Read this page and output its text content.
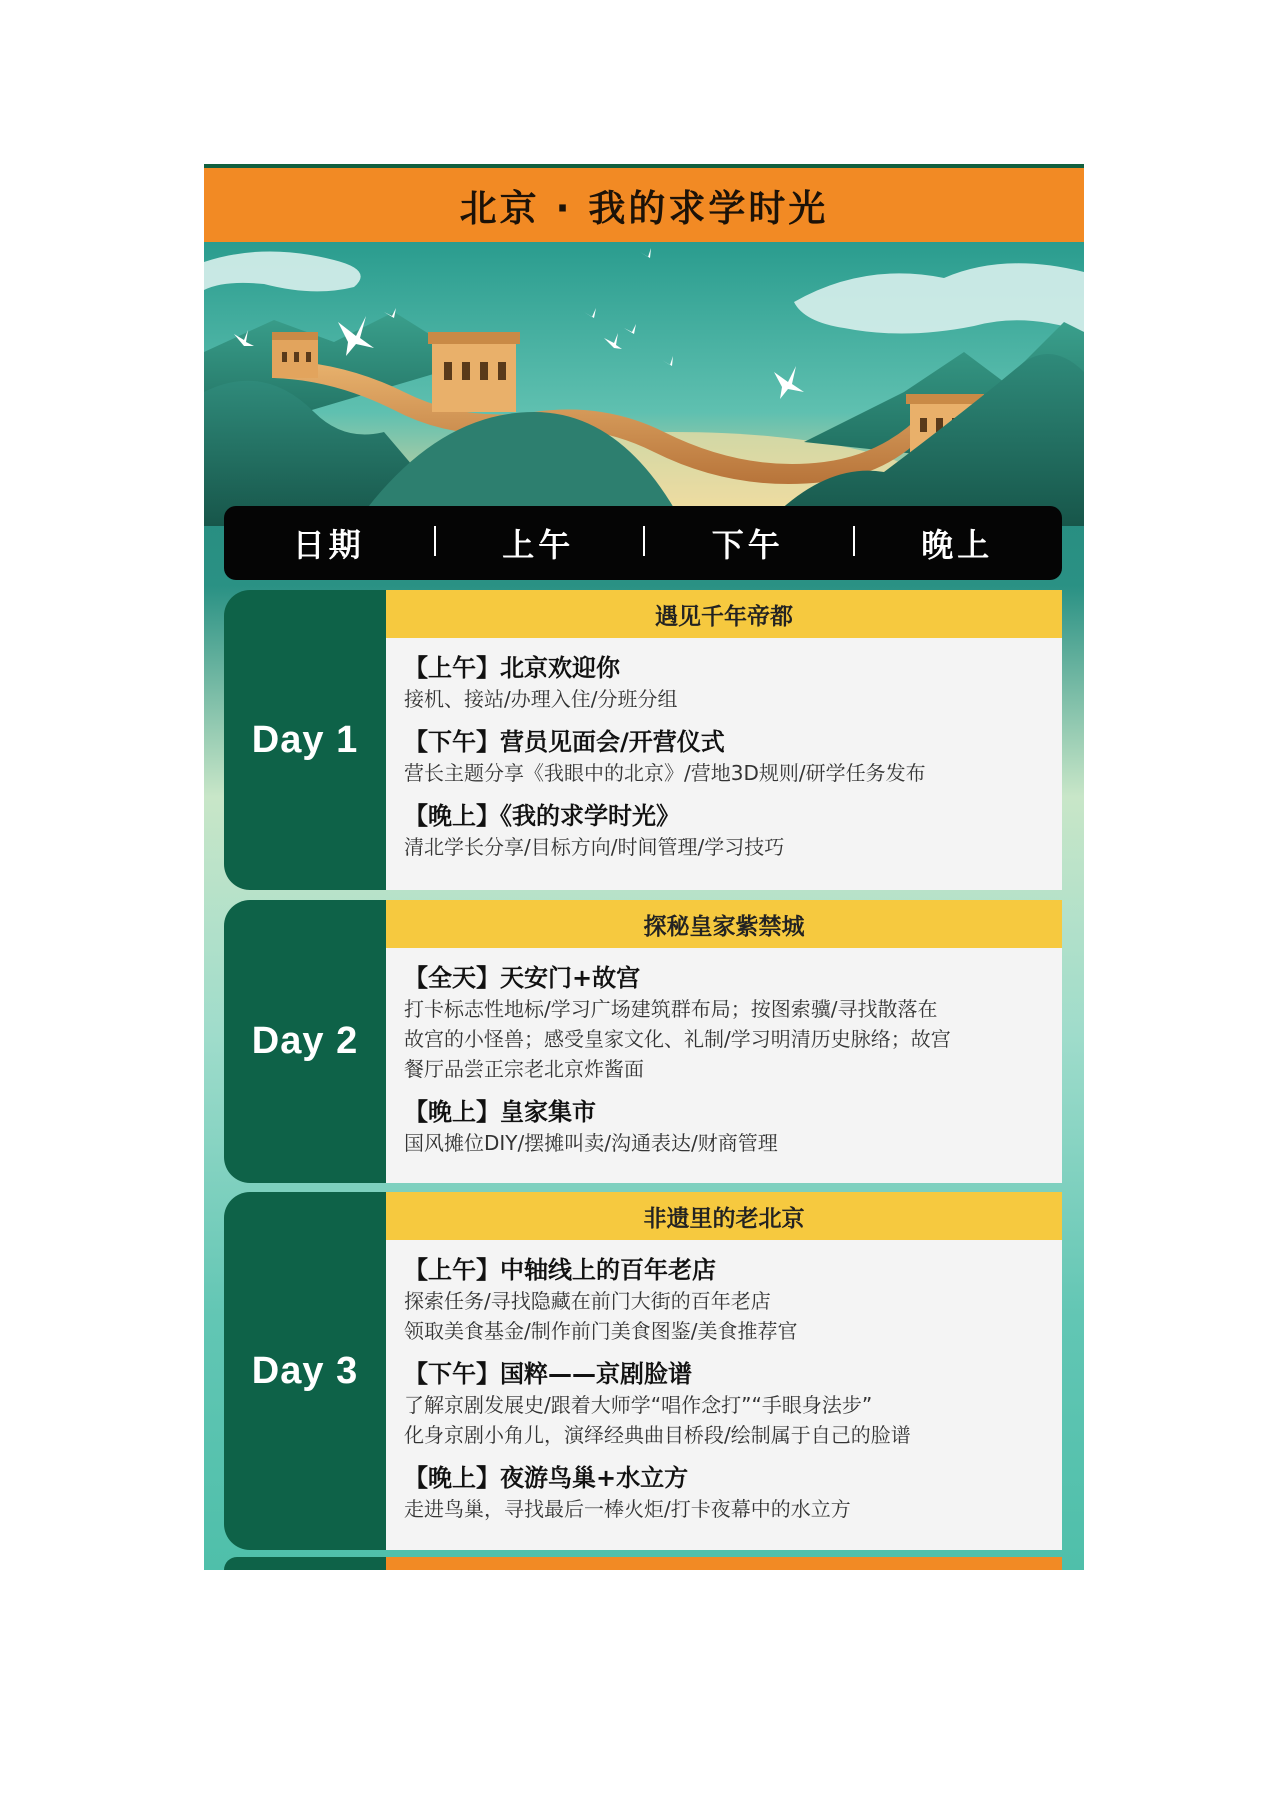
北京 · 我的求学时光
日期	上午	下午	晚上
Day 1
遇见千年帝都
【上午】北京欢迎你
接机、接站/办理入住/分班分组
【下午】营员见面会/开营仪式
营长主题分享《我眼中的北京》/营地3D规则/研学任务发布
【晚上】《我的求学时光》
清北学长分享/目标方向/时间管理/学习技巧
Day 2
探秘皇家紫禁城
【全天】天安门+故宫
打卡标志性地标/学习广场建筑群布局；按图索骥/寻找散落在
故宫的小怪兽；感受皇家文化、礼制/学习明清历史脉络；故宫
餐厅品尝正宗老北京炸酱面
【晚上】皇家集市
国风摊位DIY/摆摊叫卖/沟通表达/财商管理
Day 3
非遗里的老北京
【上午】中轴线上的百年老店
探索任务/寻找隐藏在前门大街的百年老店
领取美食基金/制作前门美食图鉴/美食推荐官
【下午】国粹——京剧脸谱
了解京剧发展史/跟着大师学“唱作念打”“手眼身法步”
化身京剧小角儿，演绎经典曲目桥段/绘制属于自己的脸谱
【晚上】夜游鸟巢+水立方
走进鸟巢，寻找最后一棒火炬/打卡夜幕中的水立方
